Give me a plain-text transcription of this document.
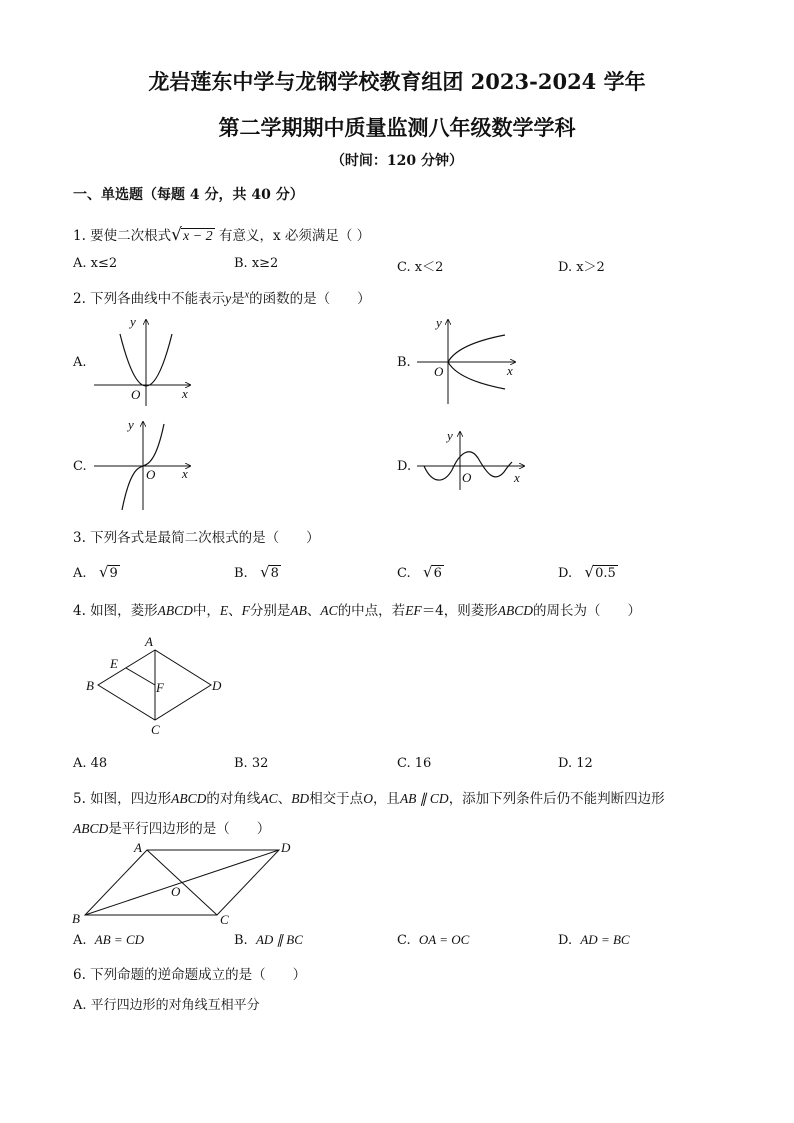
龙岩莲东中学与龙钢学校教育组团 2023-2024 学年
第二学期期中质量监测八年级数学学科
（时间：120 分钟）
一、单选题（每题 4 分，共 40 分）
1. 要使二次根式√x − 2 有意义，x 必须满足（ ）
A. x≤2	B. x≥2	C. x＜2	D. x＞2
2. 下列各曲线中不能表示y是$^x$的函数的是（　　）
A.	B.
C.	D.
x
y
O
x
y
O
x
y
O	x
y
O
A
B
C
D
E
F
A
B	C
D
O
3. 下列各式是最简二次根式的是（　　）
A. √9	B. √8	C. √6	D. √0.5
4. 如图，菱形ABCD中，E、F分别是AB、AC的中点，若EF＝4，则菱形ABCD的周长为（　　）
A. 48	B. 32	C. 16	D. 12
5. 如图，四边形ABCD的对角线AC、BD相交于点O，且AB ∥ CD，添加下列条件后仍不能判断四边形
ABCD是平行四边形的是（　　）
A. AB = CD	B. AD ∥ BC	C. OA = OC	D. AD = BC
6. 下列命题的逆命题成立的是（　　）
A. 平行四边形的对角线互相平分
